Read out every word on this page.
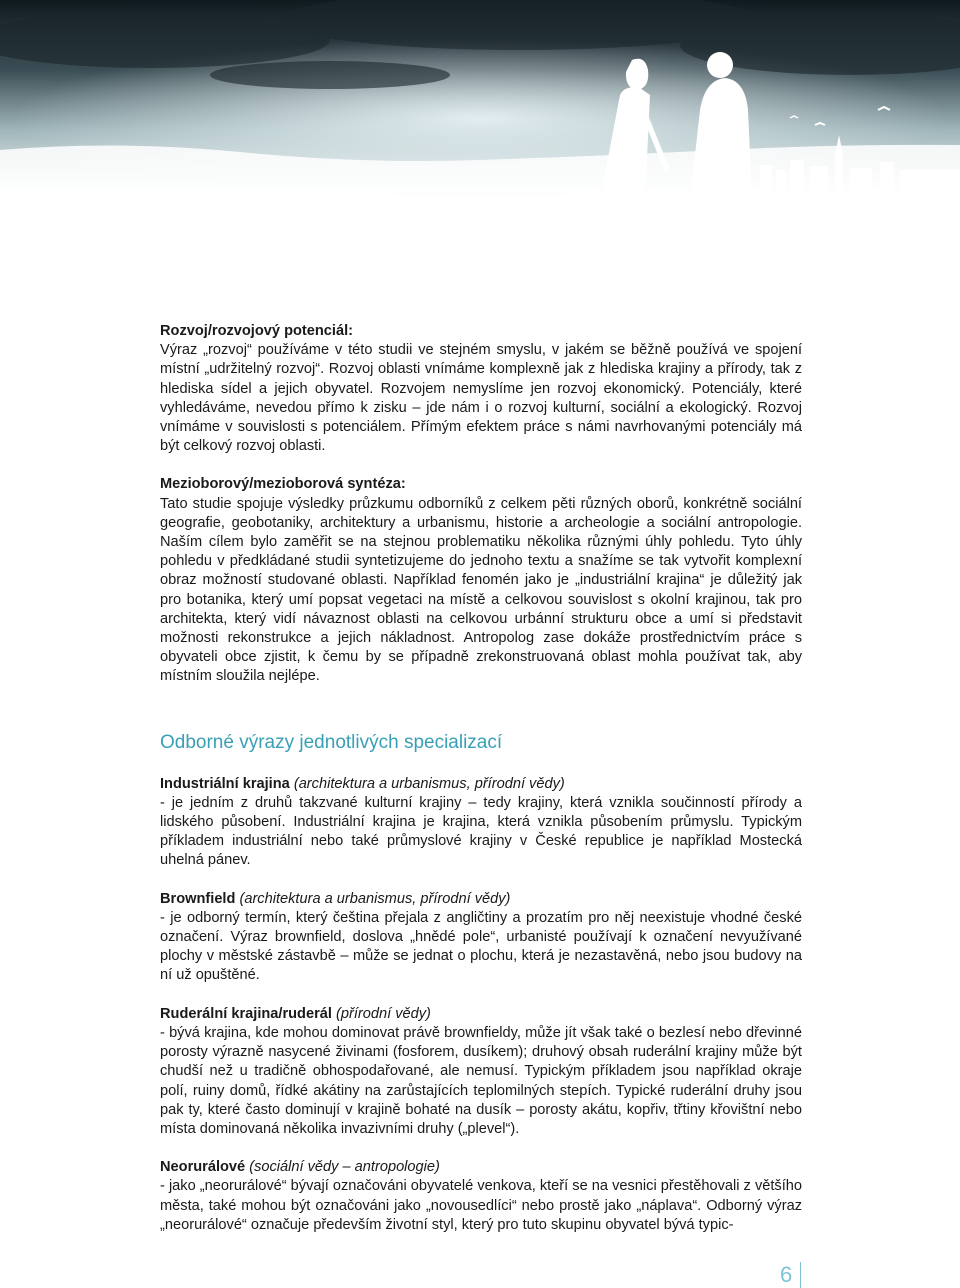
Rozvoj/rozvojový potenciál:

Výraz „rozvoj“ používáme v této studii ve stejném smyslu, v jakém se běžně používá ve spojení místní „udržitelný rozvoj“. Rozvoj oblasti vnímáme komplexně jak z hlediska krajiny a přírody, tak z hlediska sídel a jejich obyvatel. Rozvojem nemyslíme jen rozvoj ekonomický. Potenciály, které vyhledáváme, nevedou přímo k zisku – jde nám i o rozvoj kulturní, sociální a ekologický. Rozvoj vnímáme v souvislosti s potenciálem. Přímým efektem práce s námi navrhovanými potenciály má být celkový rozvoj oblasti.

Mezioborový/mezioborová syntéza:

Tato studie spojuje výsledky průzkumu odborníků z celkem pěti různých oborů, konkrétně sociální geografie, geobotaniky, architektury a urbanismu, historie a archeologie a sociální antropologie. Naším cílem bylo zaměřit se na stejnou problematiku několika různými úhly pohledu. Tyto úhly pohledu v předkládané studii syntetizujeme do jednoho textu a snažíme se tak vytvořit komplexní obraz možností studované oblasti. Například fenomén jako je „industriální krajina“ je důležitý jak pro botanika, který umí popsat vegetaci na místě a celkovou souvislost s okolní krajinou, tak pro architekta, který vidí návaznost oblasti na celkovou urbánní strukturu obce a umí si představit možnosti rekonstrukce a jejich nákladnost. Antropolog zase dokáže prostřednictvím práce s obyvateli obce zjistit, k čemu by se případně zrekonstruovaná oblast mohla používat tak, aby místním sloužila nejlépe.

Odborné výrazy jednotlivých specializací
Industriální krajina (architektura a urbanismus, přírodní vědy)

- je jedním z druhů takzvané kulturní krajiny – tedy krajiny, která vznikla součinností přírody a lidského působení. Industriální krajina je krajina, která vznikla působením průmyslu. Typickým příkladem industriální nebo také průmyslové krajiny v České republice je například Mostecká uhelná pánev.

Brownfield (architektura a urbanismus, přírodní vědy)

- je odborný termín, který čeština přejala z angličtiny a prozatím pro něj neexistuje vhodné české označení. Výraz brownfield, doslova „hnědé pole“, urbanisté používají k označení nevyužívané plochy v městské zástavbě – může se jednat o plochu, která je nezastavěná, nebo jsou budovy na ní už opuštěné.

Ruderální krajina/ruderál (přírodní vědy)

- bývá krajina, kde mohou dominovat právě brownfieldy, může jít však také o bezlesí nebo dřevinné porosty výrazně nasycené živinami (fosforem, dusíkem); druhový obsah ruderální krajiny může být chudší než u tradičně obhospodařované, ale nemusí. Typickým příkladem jsou například okraje polí, ruiny domů, řídké akátiny na zarůstajících teplomilných stepích. Typické ruderální druhy jsou pak ty, které často dominují v krajině bohaté na dusík – porosty akátu, kopřiv, třtiny křovištní nebo místa dominovaná několika invazivními druhy („plevel“).

Neorurálové (sociální vědy – antropologie)

- jako „neorurálové“ bývají označováni obyvatelé venkova, kteří se na vesnici přestěhovali z většího města, také mohou být označováni jako „novousedlíci“ nebo prostě jako „náplava“. Odborný výraz „neorurálové“ označuje především životní styl, který pro tuto skupinu obyvatel bývá typic-

6
